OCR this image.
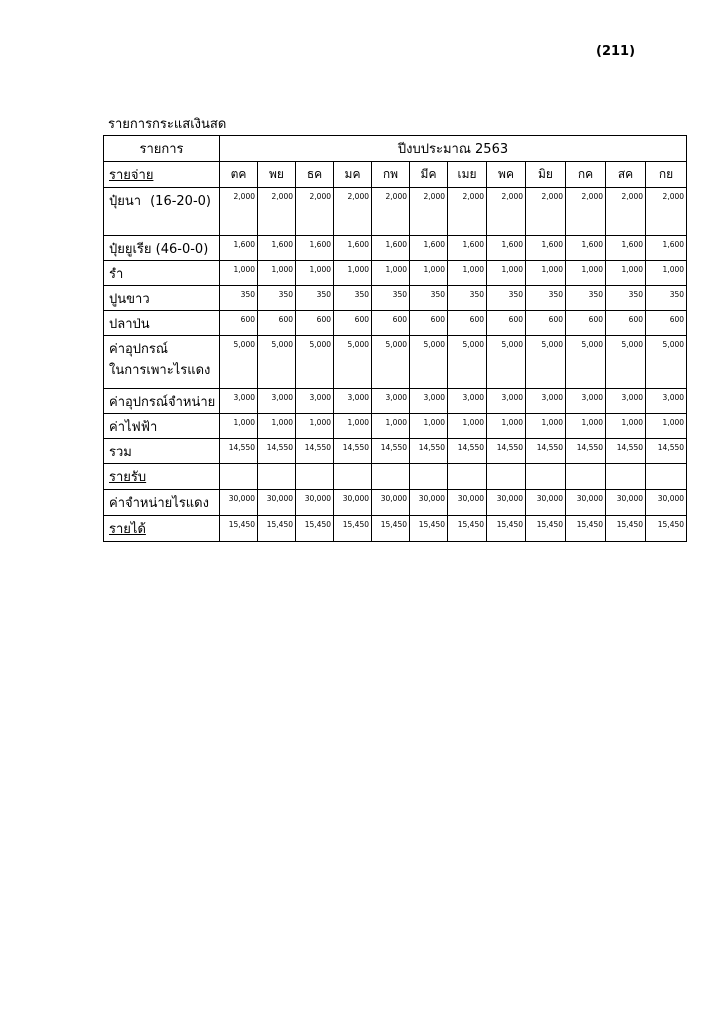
(211)
รายการกระแสเงินสด
รายการ	ปีงบประมาณ 2563											
รายจ่าย	ตค	พย	ธค	มค	กพ	มีค	เมย	พค	มิย	กค	สค	กย

ปุ๋ยนา (16-20-0)	2,000	2,000	2,000	2,000	2,000	2,000	2,000	2,000	2,000	2,000	2,000	2,000
ปุ๋ยยูเรีย (46-0-0)	1,600	1,600	1,600	1,600	1,600	1,600	1,600	1,600	1,600	1,600	1,600	1,600
รำ	1,000	1,000	1,000	1,000	1,000	1,000	1,000	1,000	1,000	1,000	1,000	1,000
ปูนขาว	350	350	350	350	350	350	350	350	350	350	350	350
ปลาป่น	600	600	600	600	600	600	600	600	600	600	600	600

ค่าอุปกรณ์
ในการเพาะไรแดง	5,000	5,000	5,000	5,000	5,000	5,000	5,000	5,000	5,000	5,000	5,000	5,000
ค่าอุปกรณ์จำหน่าย	3,000	3,000	3,000	3,000	3,000	3,000	3,000	3,000	3,000	3,000	3,000	3,000
ค่าไฟฟ้า	1,000	1,000	1,000	1,000	1,000	1,000	1,000	1,000	1,000	1,000	1,000	1,000
รวม	14,550	14,550	14,550	14,550	14,550	14,550	14,550	14,550	14,550	14,550	14,550	14,550
รายรับ												
ค่าจำหน่ายไรแดง	30,000	30,000	30,000	30,000	30,000	30,000	30,000	30,000	30,000	30,000	30,000	30,000
รายได้	15,450	15,450	15,450	15,450	15,450	15,450	15,450	15,450	15,450	15,450	15,450	15,450
